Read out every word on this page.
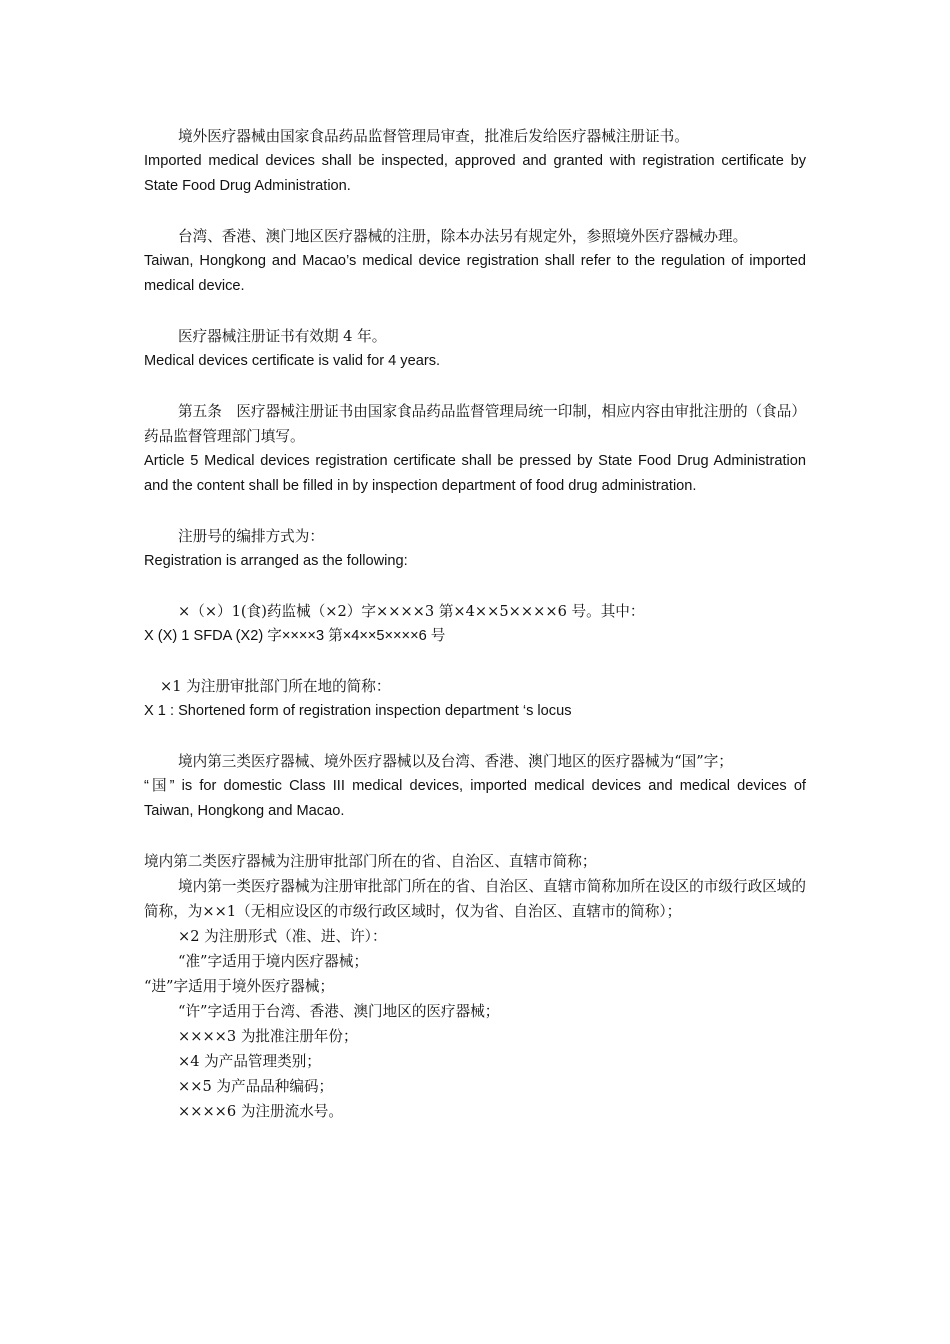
境外医疗器械由国家食品药品监督管理局审查，批准后发给医疗器械注册证书。

Imported medical devices shall be inspected, approved and granted with registration certificate by State Food Drug Administration.

台湾、香港、澳门地区医疗器械的注册，除本办法另有规定外，参照境外医疗器械办理。

Taiwan, Hongkong and Macao’s medical device registration shall refer to the regulation of imported medical device.

医疗器械注册证书有效期 4 年。

Medical devices certificate is valid for 4 years.

第五条　医疗器械注册证书由国家食品药品监督管理局统一印制，相应内容由审批注册的（食品）药品监督管理部门填写。

Article 5 Medical devices registration certificate shall be pressed by State Food Drug Administration and the content shall be filled in by inspection department of food drug administration.

注册号的编排方式为：

Registration is arranged as the following:

×（×）1(食)药监械（×2）字××××3 第×4××5××××6 号。其中：

X (X) 1 SFDA (X2) 字××××3 第×4××5××××6 号

×1 为注册审批部门所在地的简称：

X 1 : Shortened form of registration inspection department ‘s locus

境内第三类医疗器械、境外医疗器械以及台湾、香港、澳门地区的医疗器械为“国”字；

“国” is for domestic Class III medical devices, imported medical devices and medical devices of Taiwan, Hongkong and Macao.

境内第二类医疗器械为注册审批部门所在的省、自治区、直辖市简称；

境内第一类医疗器械为注册审批部门所在的省、自治区、直辖市简称加所在设区的市级行政区域的简称，为××1（无相应设区的市级行政区域时，仅为省、自治区、直辖市的简称）；

×2 为注册形式（准、进、许）：

“准”字适用于境内医疗器械；

“进”字适用于境外医疗器械；

“许”字适用于台湾、香港、澳门地区的医疗器械；

××××3 为批准注册年份；

×4 为产品管理类别；

××5 为产品品种编码；

××××6 为注册流水号。
